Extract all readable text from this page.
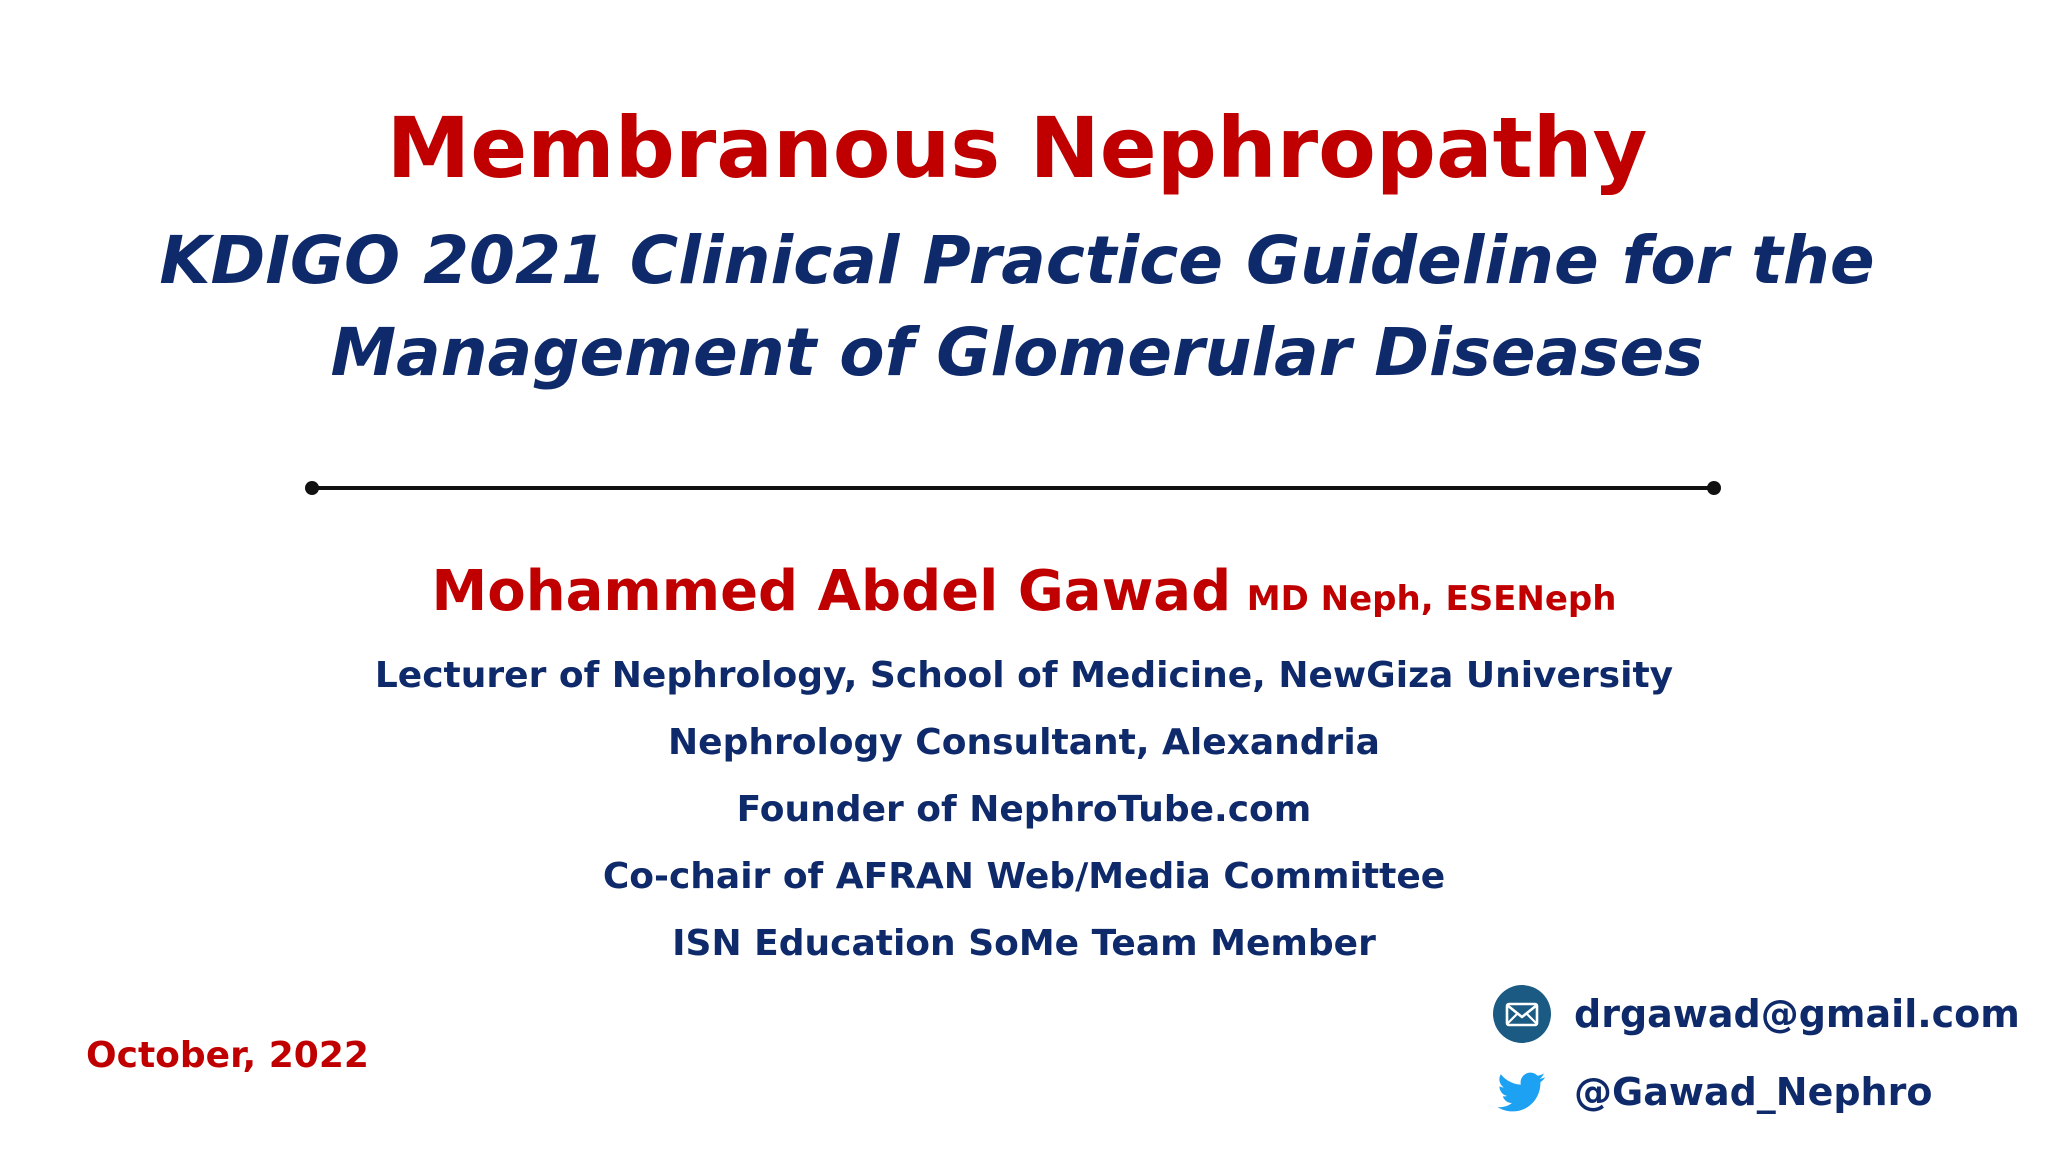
Membranous Nephropathy
KDIGO 2021 Clinical Practice Guideline for the
Management of Glomerular Diseases
Mohammed Abdel Gawad MD Neph, ESENeph
Lecturer of Nephrology, School of Medicine, NewGiza University
Nephrology Consultant, Alexandria
Founder of NephroTube.com
Co-chair of AFRAN Web/Media Committee
ISN Education SoMe Team Member
October, 2022
drgawad@gmail.com
@Gawad_Nephro
